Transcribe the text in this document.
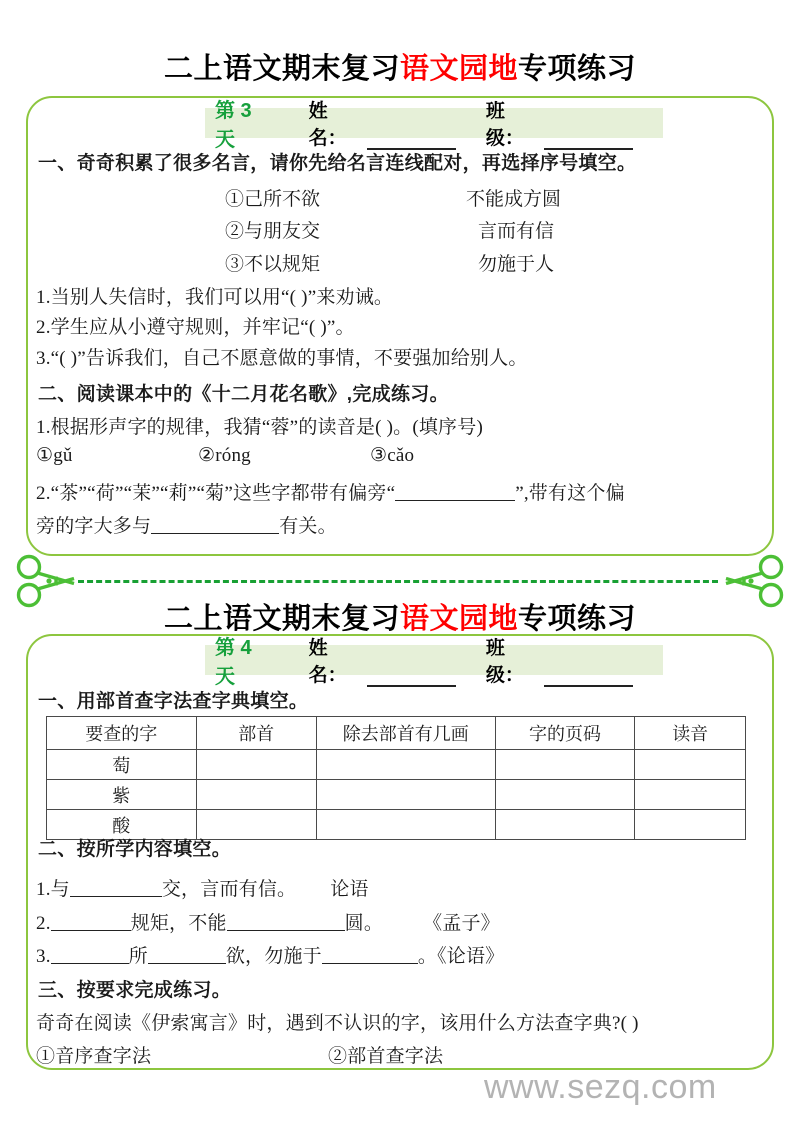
二上语文期末复习语文园地专项练习
第 3 天
姓名：
班级：
一、奇奇积累了很多名言，请你先给名言连线配对，再选择序号填空。
①己所不欲	不能成方圆
②与朋友交	言而有信
③不以规矩	勿施于人
1.当别人失信时，我们可以用“( )”来劝诫。
2.学生应从小遵守规则，并牢记“( )”。
3.“( )”告诉我们，自己不愿意做的事情，不要强加给别人。
二、阅读课本中的《十二月花名歌》,完成练习。
1.根据形声字的规律，我猜“蓉”的读音是( )。(填序号)
①gǔ	②róng	③cǎo
2.“茶”“荷”“茉”“莉”“菊”这些字都带有偏旁“	”,带有这个偏
旁的字大多与	有关。
二上语文期末复习语文园地专项练习
第 4 天
姓名：
班级：
一、用部首查字法查字典填空。
要查的字	部首	除去部首有几画	字的页码	读音
萄				
紫				
酸				
二、按所学内容填空。
1.与	交，言而有信。 论语
2.	规矩，不能	圆。 《孟子》
3.	所	欲，勿施于	。《论语》
三、按要求完成练习。
奇奇在阅读《伊索寓言》时，遇到不认识的字，该用什么方法查字典?( )
①音序查字法	②部首查字法
www.sezq.com
